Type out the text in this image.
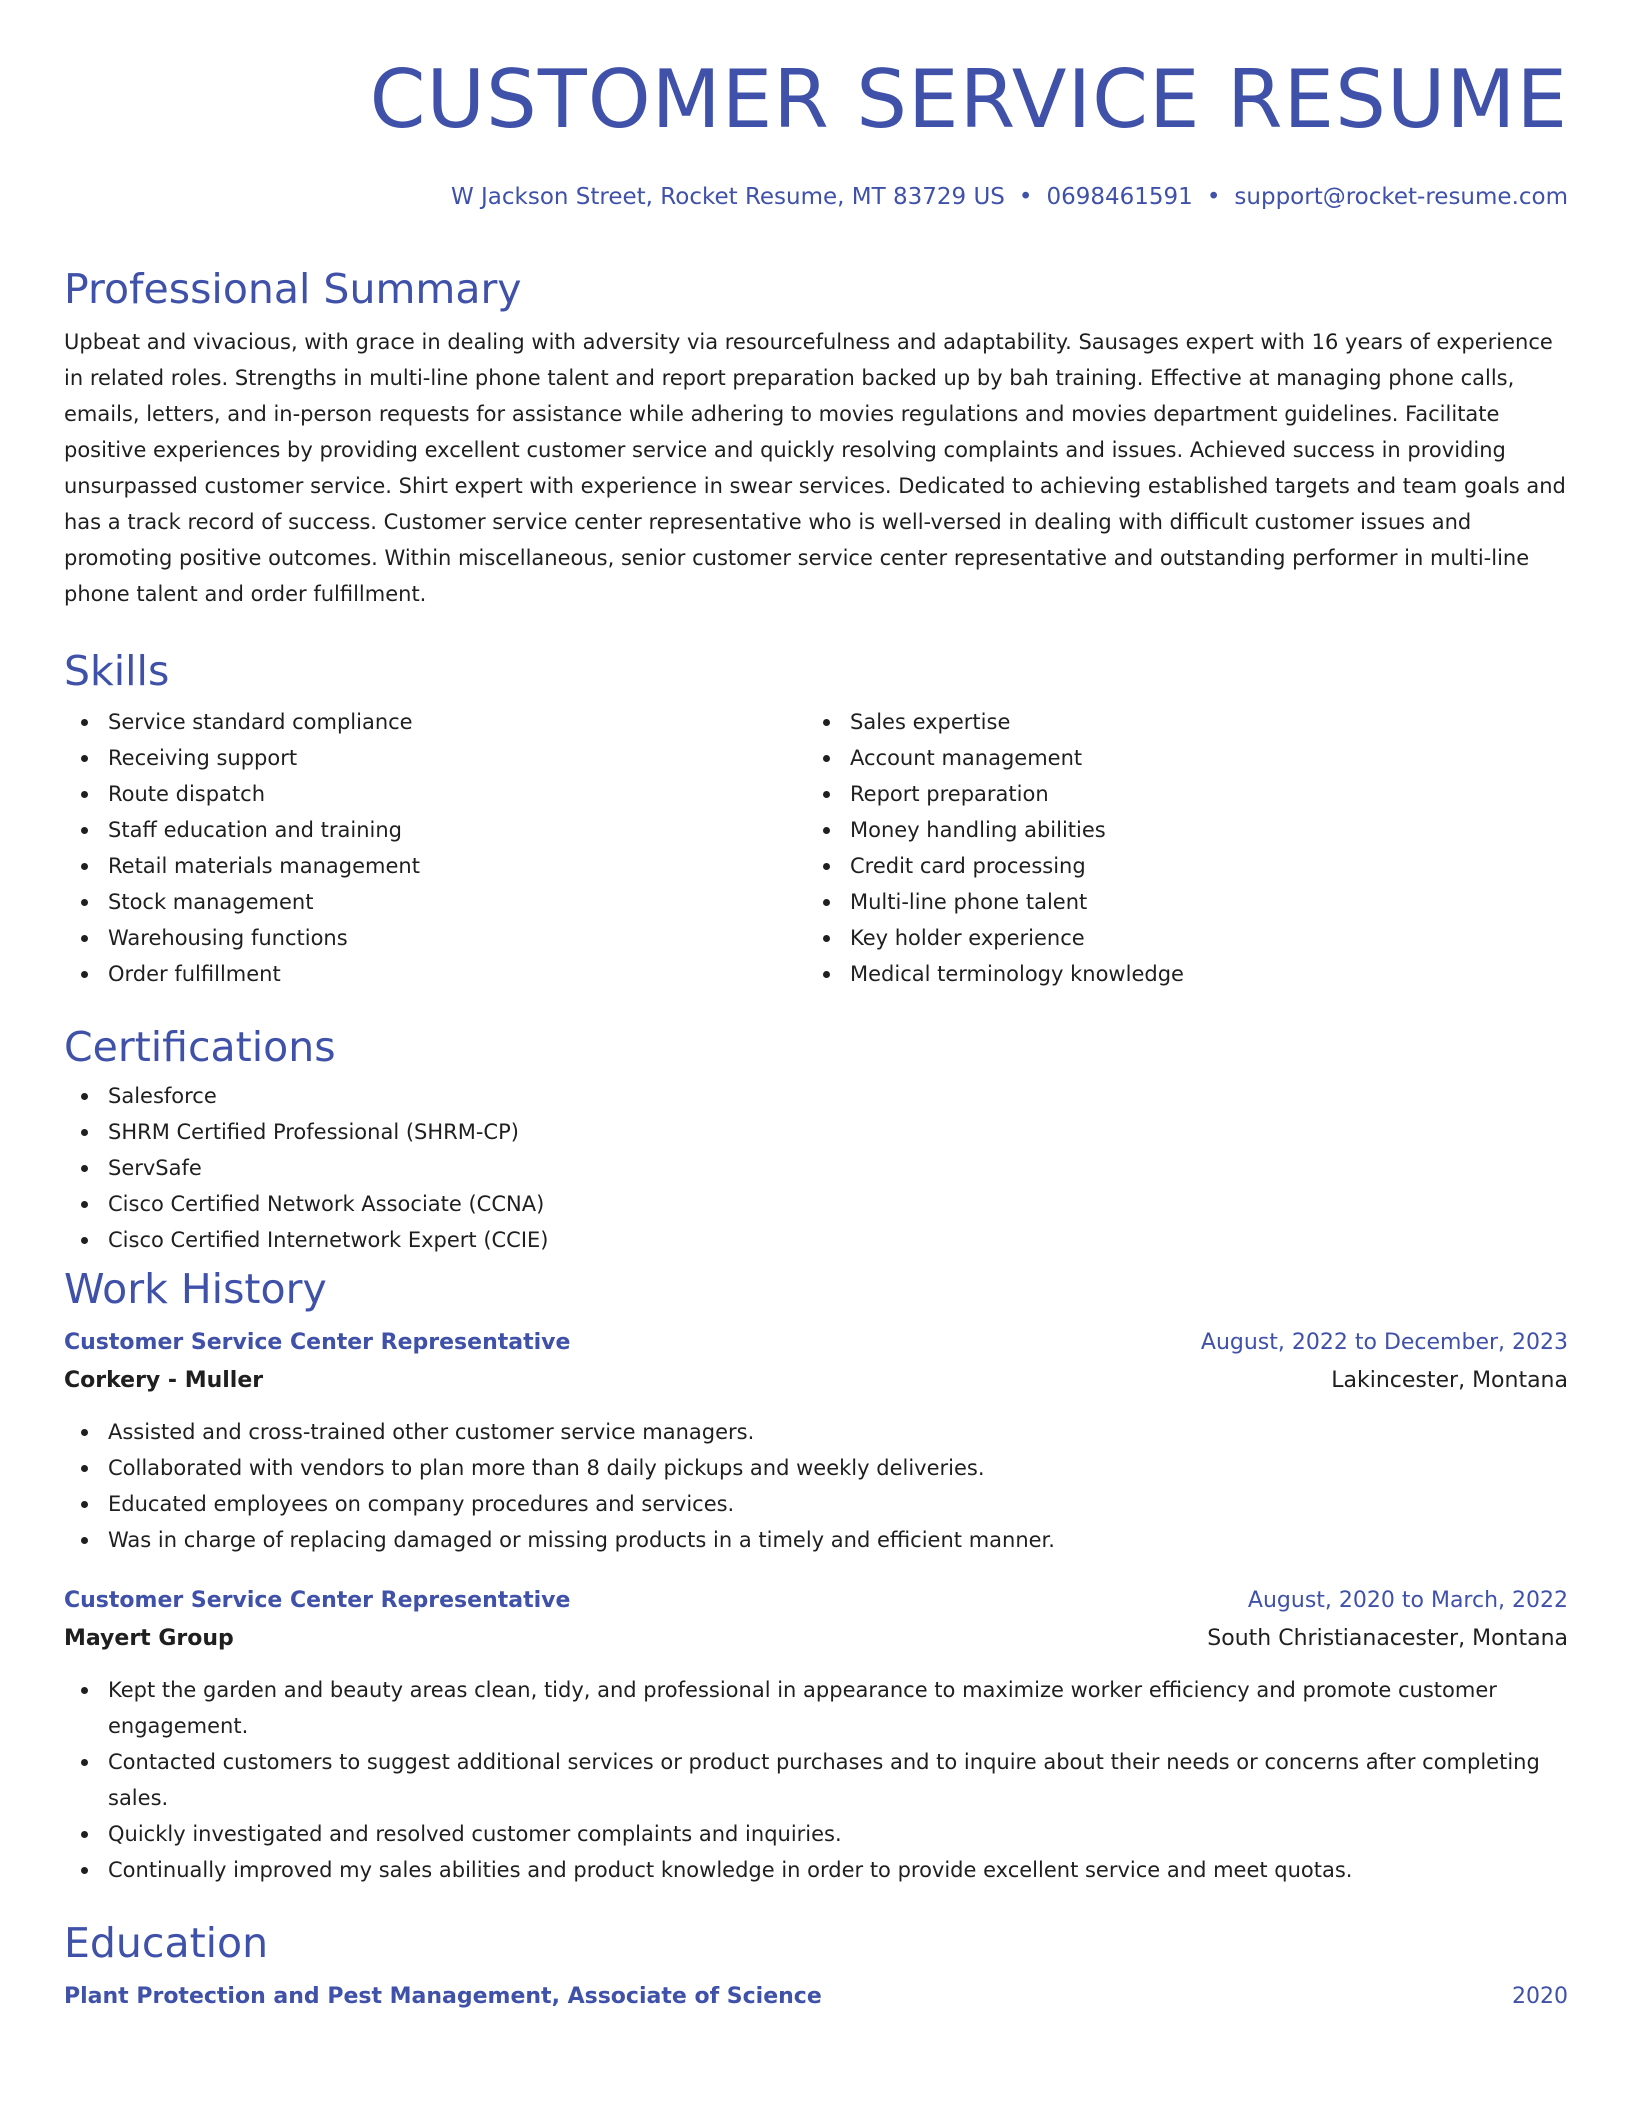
CUSTOMER SERVICE RESUME
W Jackson Street, Rocket Resume, MT 83729 US • 0698461591 • support@rocket-resume.com
Professional Summary

Upbeat and vivacious, with grace in dealing with adversity via resourcefulness and adaptability. Sausages expert with 16 years of experience in related roles. Strengths in multi-line phone talent and report preparation backed up by bah training. Effective at managing phone calls, emails, letters, and in-person requests for assistance while adhering to movies regulations and movies department guidelines. Facilitate positive experiences by providing excellent customer service and quickly resolving complaints and issues. Achieved success in providing unsurpassed customer service. Shirt expert with experience in swear services. Dedicated to achieving established targets and team goals and has a track record of success. Customer service center representative who is well-versed in dealing with difficult customer issues and promoting positive outcomes. Within miscellaneous, senior customer service center representative and outstanding performer in multi-line phone talent and order fulfillment.

Skills
Service standard compliance
Receiving support
Route dispatch
Staff education and training
Retail materials management
Stock management
Warehousing functions
Order fulfillment
Sales expertise
Account management
Report preparation
Money handling abilities
Credit card processing
Multi-line phone talent
Key holder experience
Medical terminology knowledge
Certifications
Salesforce
SHRM Certified Professional (SHRM-CP)
ServSafe
Cisco Certified Network Associate (CCNA)
Cisco Certified Internetwork Expert (CCIE)
Work History
Customer Service Center Representative	August, 2022 to December, 2023
Corkery - Muller	Lakincester, Montana
Assisted and cross-trained other customer service managers.
Collaborated with vendors to plan more than 8 daily pickups and weekly deliveries.
Educated employees on company procedures and services.
Was in charge of replacing damaged or missing products in a timely and efficient manner.
Customer Service Center Representative	August, 2020 to March, 2022
Mayert Group	South Christianacester, Montana
Kept the garden and beauty areas clean, tidy, and professional in appearance to maximize worker efficiency and promote customer engagement.
Contacted customers to suggest additional services or product purchases and to inquire about their needs or concerns after completing sales.
Quickly investigated and resolved customer complaints and inquiries.
Continually improved my sales abilities and product knowledge in order to provide excellent service and meet quotas.
Education
Plant Protection and Pest Management, Associate of Science	2020
